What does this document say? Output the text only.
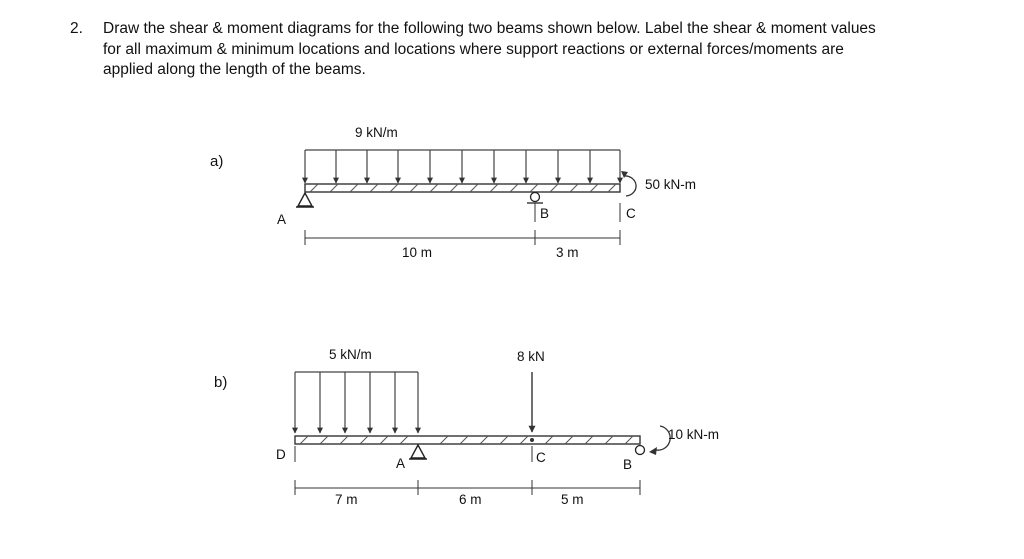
2. Draw the shear & moment diagrams for the following two beams shown below. Label the shear & moment values for all maximum & minimum locations and locations where support reactions or external forces/moments are applied along the length of the beams.
a)
9 kN/m
50 kN-m
A	B	C
10 m	3 m
b)
5 kN/m	8 kN
10 kN-m
D
A	C	B
7 m	6 m	5 m
